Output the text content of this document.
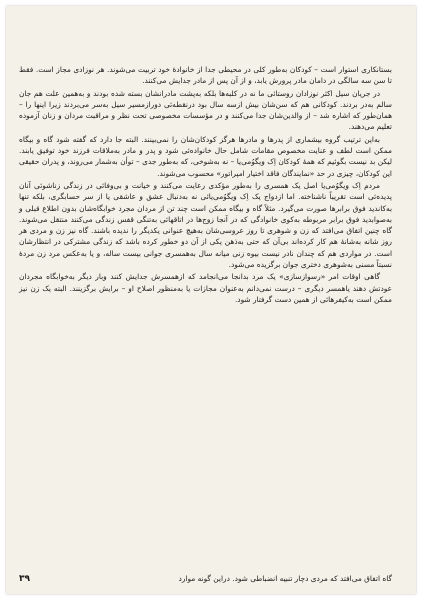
بستانکاری استوار است – کودکان به‌طور کلی در محیطی جدا از خانوادهٔ خود تربیت می‌شوند. هر نوزادی مجاز است. فقط تا سن سه سالگی در دامان مادر پرورش یابد، و از آن پس از مادر جدایش می‌کنند.

در جریان سیل اکثر نوزادان روستائی ما نه در کلبه‌ها بلکه به‌پشت مادرانشان بسته شده بودند و به‌همین علت هم جان سالم به‌در بردند. کودکانی هم که سن‌شان بیش ازسه سال بود درنقطه‌ئی دورازمسیر سیل به‌سر می‌بردند زیرا اینها را – همان‌طور که اشاره شد – از والدین‌شان جدا می‌کنند و در مؤسسات مخصوصی تحت نظر و مراقبت مردان و زنان آزموده تعلیم می‌دهند.

به‌این ترتیب گروه بیشماری از پدرها و مادرها هرگز کودکان‌شان را نمی‌بینند. البته جا دارد که گفته شود گاه و بیگاه ممکن است لطف و عنایت مخصوص مقامات شامل حال خانواده‌ئی شود و پدر و مادر به‌ملاقات فرزند خود توفیق یابند. لیکن بد نیست بگوئیم که همهٔ کودکان اِک ویگوُمی‌یا – نه به‌شوخی، که به‌طور جدی – توأن به‌شمار می‌روند، و پدران حقیقی این کودکان، چیزی در حد «نمایندگان فاقد اختیار امپراتور» محسوب می‌شوند.

مردم اِک ویگوُمی‌یا اصل یک همسری را به‌طور مؤکدی رعایت می‌کنند و خیانت و بی‌وفائی در زندگی زناشوئی آنان پدیده‌ئی است تقریباً ناشناخته. اما ازدواج یک اِک ویگوُمی‌یائی نه به‌دنبال عشق و عاشقی یا از سر حسابگری، بلکه تنها به‌کاندید فوق برابرها صورت می‌گیرد. مثلاً گاه و بیگاه ممکن است چند تن از مردان مجرد خوابگاه‌شان بدون اطلاع قبلی و به‌صوابدید فوق برابر مربوطه به‌کوی خانوادگی که در آنجا زوج‌ها در اتاقهائی به‌تنگی قفس زندگی می‌کنند منتقل می‌شوند. گاه چنین اتفاق می‌افتد که زن و شوهری تا روز عروسی‌شان به‌هیچ عنوانی یکدیگر را ندیده باشند. گاه نیز زن و مردی هر روز شانه به‌شانهٔ هم کار کرده‌اند بی‌آن که حتی به‌ذهن یکی از آن دو خطور کرده باشد که زندگی مشترکی در انتظارشان است. در مواردی هم که چندان نادر نیست بیوه زنی میانه سال به‌همسری جوانی بیست ساله، و یا به‌عکس مرد زن مردهٔ نسبتاً مسنی به‌شوهری دختری جوان برگزیده می‌شود.

گاهی اوقات امر «رسوازسازی» یک مرد بدانجا می‌انجامد که ازهمسرش جدایش کنند وبار دیگر به‌خوابگاه مجردان عودتش دهند یاهمسر دیگری – درست نمی‌دانم به‌عنوان مجازات یا به‌منظور اصلاح او – برایش برگزینند. البته یک زن نیز ممکن است به‌کیفرهائی از همین دست گرفتار شود.

٣٩	گاه اتفاق می‌افتد که مردی دچار تنبیه انضباطی شود. دراین گونه موارد
